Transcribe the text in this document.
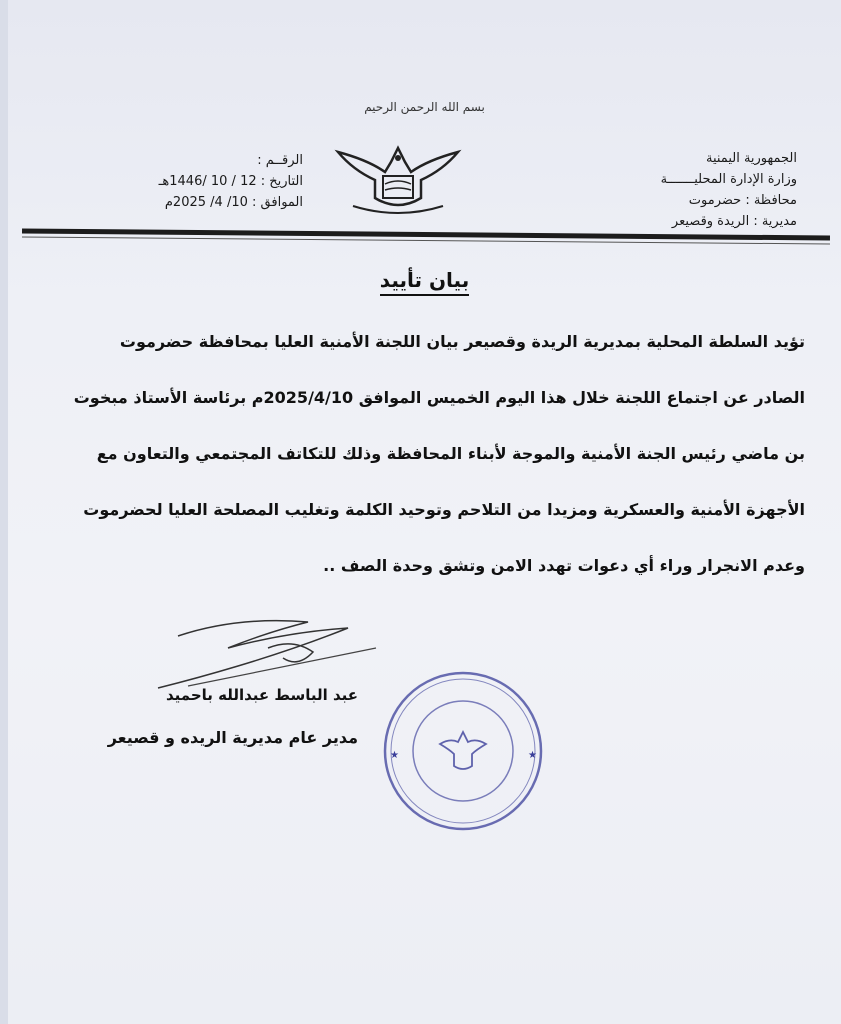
بسم الله الرحمن الرحيم
الجمهورية اليمنية
وزارة الإدارة المحليـــــــة
محافظة : حضرموت
مديرية : الريدة وقصيعر
الرقــم :
التاريخ : 12 / 10 /1446هـ
الموافق : 10/ 4/ 2025م
بيان تأييد
تؤيد السلطة المحلية بمديرية الريدة وقصيعر بيان اللجنة الأمنية العليا بمحافظة حضرموت
الصادر عن اجتماع اللجنة خلال هذا اليوم الخميس الموافق 2025/4/10م برئاسة الأستاذ مبخوت
بن ماضي رئيس الجنة الأمنية والموجة لأبناء المحافظة وذلك للتكاتف المجتمعي والتعاون مع
الأجهزة الأمنية والعسكرية ومزيدا من التلاحم وتوحيد الكلمة وتغليب المصلحة العليا لحضرموت
وعدم الانجرار وراء أي دعوات تهدد الامن وتشق وحدة الصف ..
عبد الباسط عبدالله باحميد
مدير عام مديرية الريده و قصيعر
★	★
